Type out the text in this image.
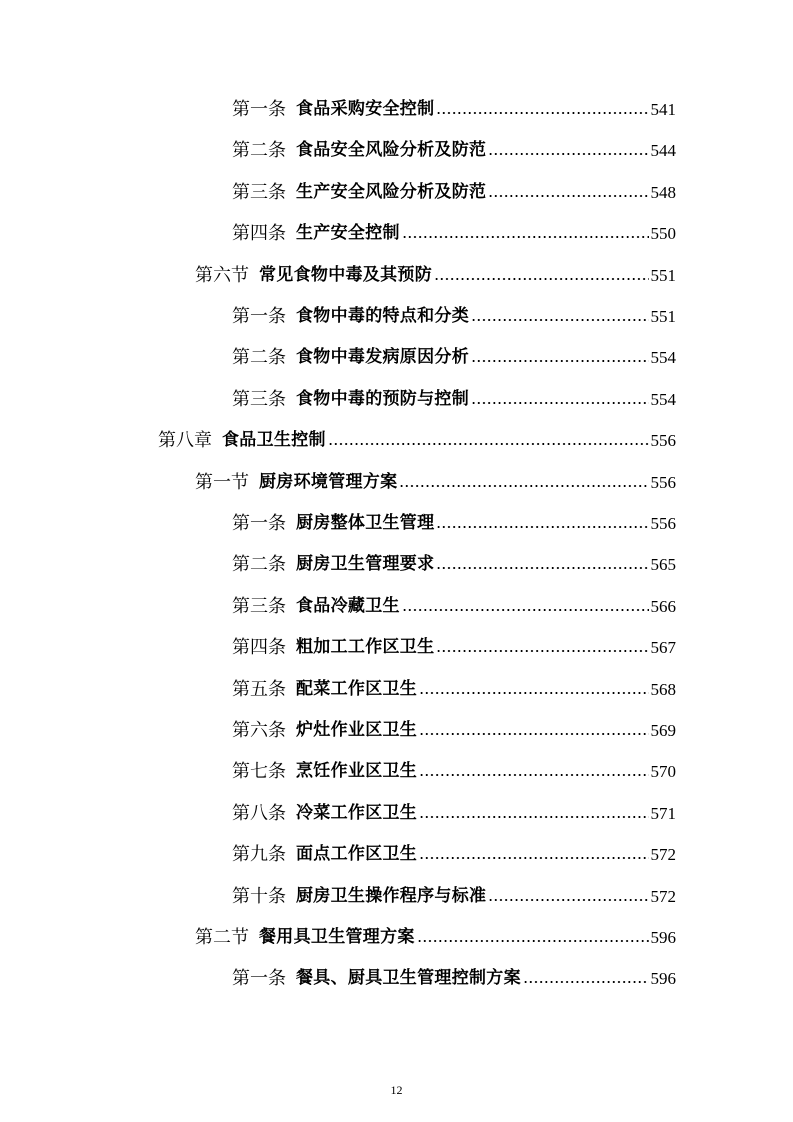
第一条 食品采购安全控制	541
第二条 食品安全风险分析及防范	544
第三条 生产安全风险分析及防范	548
第四条 生产安全控制	550
第六节 常见食物中毒及其预防	551
第一条 食物中毒的特点和分类	551
第二条 食物中毒发病原因分析	554
第三条 食物中毒的预防与控制	554
第八章 食品卫生控制	556
第一节 厨房环境管理方案	556
第一条 厨房整体卫生管理	556
第二条 厨房卫生管理要求	565
第三条 食品冷藏卫生	566
第四条 粗加工工作区卫生	567
第五条 配菜工作区卫生	568
第六条 炉灶作业区卫生	569
第七条 烹饪作业区卫生	570
第八条 冷菜工作区卫生	571
第九条 面点工作区卫生	572
第十条 厨房卫生操作程序与标准	572
第二节 餐用具卫生管理方案	596
第一条 餐具、厨具卫生管理控制方案	596
12
